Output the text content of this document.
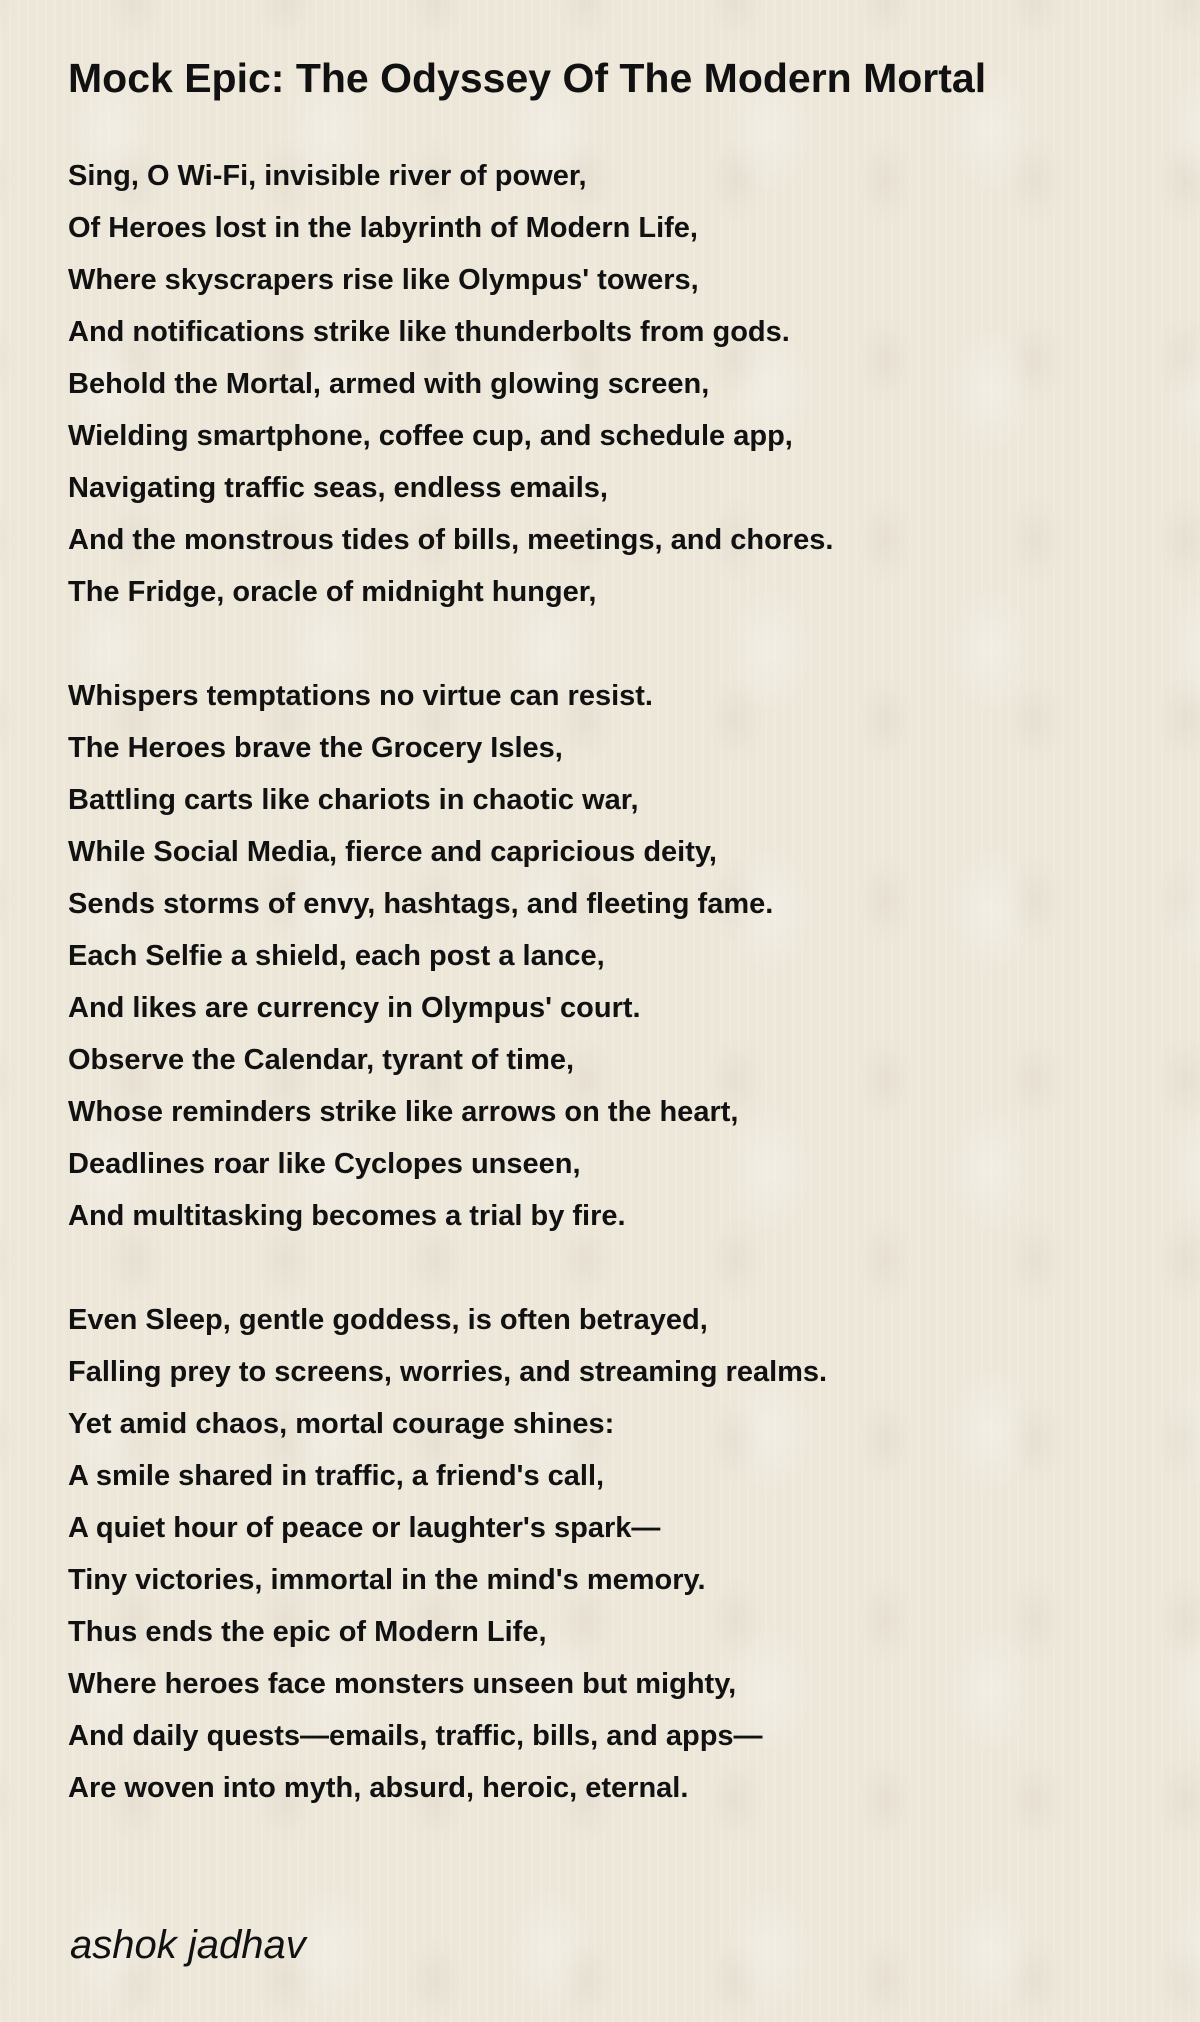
Mock Epic: The Odyssey Of The Modern Mortal
Sing, O Wi-Fi, invisible river of power,
Of Heroes lost in the labyrinth of Modern Life,
Where skyscrapers rise like Olympus' towers,
And notifications strike like thunderbolts from gods.
Behold the Mortal, armed with glowing screen,
Wielding smartphone, coffee cup, and schedule app,
Navigating traffic seas, endless emails,
And the monstrous tides of bills, meetings, and chores.
The Fridge, oracle of midnight hunger,
Whispers temptations no virtue can resist.
The Heroes brave the Grocery Isles,
Battling carts like chariots in chaotic war,
While Social Media, fierce and capricious deity,
Sends storms of envy, hashtags, and fleeting fame.
Each Selfie a shield, each post a lance,
And likes are currency in Olympus' court.
Observe the Calendar, tyrant of time,
Whose reminders strike like arrows on the heart,
Deadlines roar like Cyclopes unseen,
And multitasking becomes a trial by fire.
Even Sleep, gentle goddess, is often betrayed,
Falling prey to screens, worries, and streaming realms.
Yet amid chaos, mortal courage shines:
A smile shared in traffic, a friend's call,
A quiet hour of peace or laughter's spark—
Tiny victories, immortal in the mind's memory.
Thus ends the epic of Modern Life,
Where heroes face monsters unseen but mighty,
And daily quests—emails, traffic, bills, and apps—
Are woven into myth, absurd, heroic, eternal.

ashok jadhav
